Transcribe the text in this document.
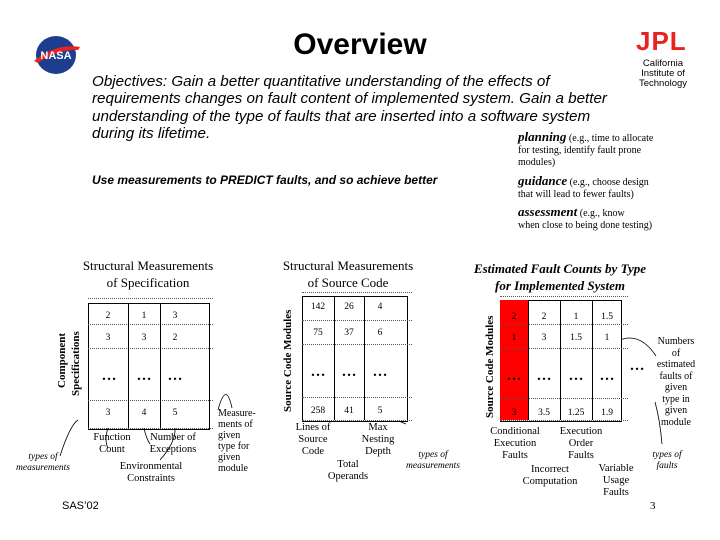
NASA	JPL
California
Institute of
Technology
Overview
Objectives: Gain a better quantitative understanding of the effects of requirements changes on fault content of implemented system. Gain a better understanding of the type of faults that are inserted into a software system during its lifetime.	planning (e.g., time to allocate
for testing, identify fault prone
modules)
guidance (e.g., choose design
that will lead to fewer faults)
assessment (e.g., know
when close to being done testing)
Use measurements to PREDICT faults, and so achieve better
Structural Measurements
of Specification
Component Specifications
2	1	3
3	3	2
…	…	…
3	4	5
Function
Count
Number of
Exceptions
Environmental
Constraints
types of
measurements
Structural Measurements
of Source Code
Source Code Modules
Measure-
ments of
given
type for
given
module
142	26	4
75	37	6
…	…	…
258	41	5
Lines of
Source
Code
Max
Nesting
Depth
Total
Operands
types of
measurements
Estimated Fault Counts by Type
for Implemented System
Source Code Modules	2	2	1	1.5
1	3	1.5	1
…	…	…	…
…
3	3.5	1.25	1.9
Numbers
of
estimated
faults of
given
type in
given
module
Conditional
Execution
Faults
Execution
Order
Faults
Incorrect
Computation
Variable
Usage
Faults
types of
faults
SAS’02	3
